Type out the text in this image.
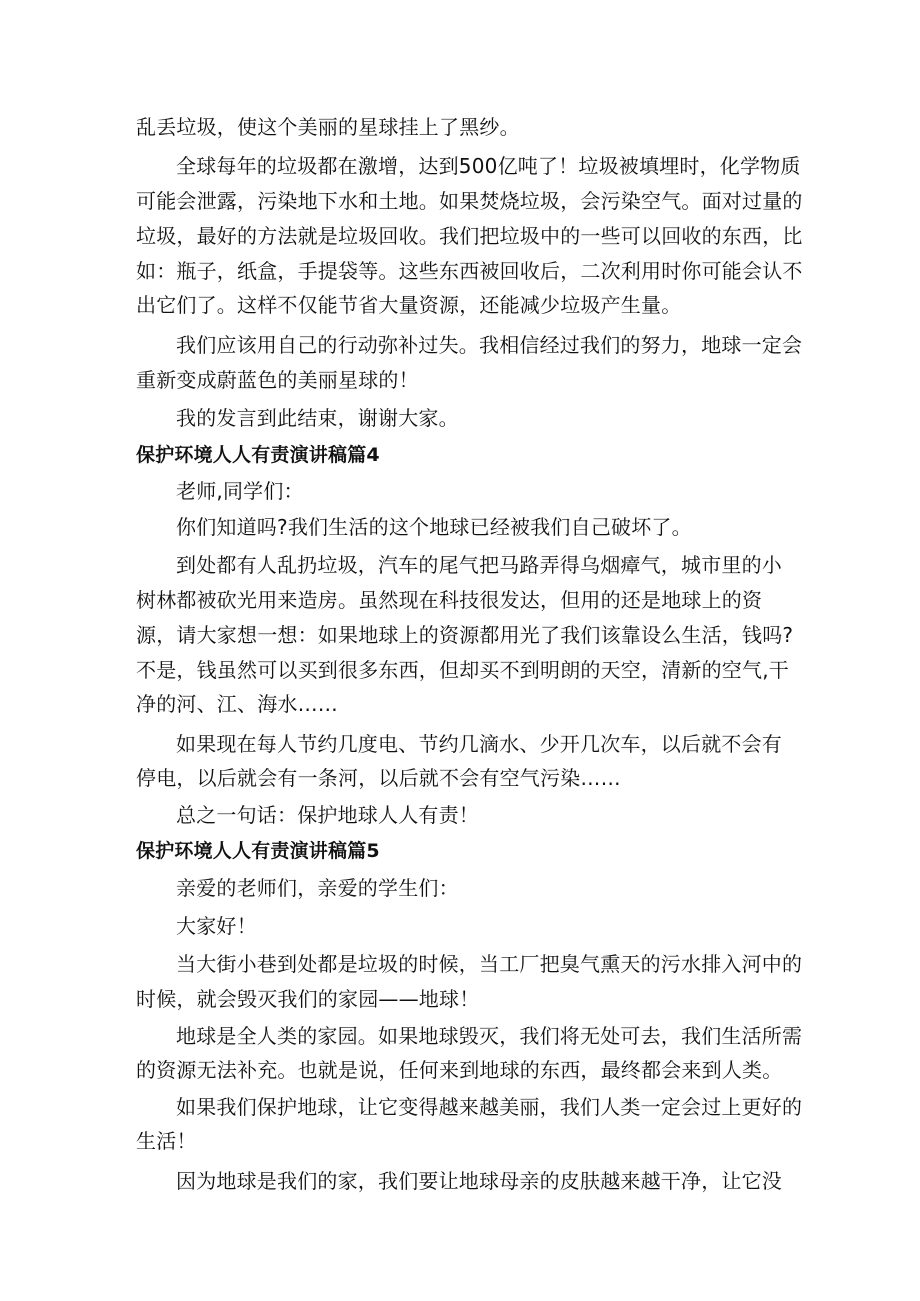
乱丢垃圾，使这个美丽的星球挂上了黑纱。
全球每年的垃圾都在激增，达到500亿吨了！垃圾被填埋时，化学物质
可能会泄露，污染地下水和土地。如果焚烧垃圾，会污染空气。面对过量的
垃圾，最好的方法就是垃圾回收。我们把垃圾中的一些可以回收的东西，比
如：瓶子，纸盒，手提袋等。这些东西被回收后，二次利用时你可能会认不
出它们了。这样不仅能节省大量资源，还能减少垃圾产生量。
我们应该用自己的行动弥补过失。我相信经过我们的努力，地球一定会
重新变成蔚蓝色的美丽星球的！
我的发言到此结束，谢谢大家。
保护环境人人有责演讲稿篇4
老师,同学们：
你们知道吗?我们生活的这个地球已经被我们自己破坏了。
到处都有人乱扔垃圾，汽车的尾气把马路弄得乌烟瘴气，城市里的小
树林都被砍光用来造房。虽然现在科技很发达，但用的还是地球上的资
源，请大家想一想：如果地球上的资源都用光了我们该靠设么生活，钱吗?
不是，钱虽然可以买到很多东西，但却买不到明朗的天空，清新的空气,干
净的河、江、海水……
如果现在每人节约几度电、节约几滴水、少开几次车，以后就不会有
停电，以后就会有一条河，以后就不会有空气污染……
总之一句话：保护地球人人有责！
保护环境人人有责演讲稿篇5
亲爱的老师们，亲爱的学生们：
大家好！
当大街小巷到处都是垃圾的时候，当工厂把臭气熏天的污水排入河中的
时候，就会毁灭我们的家园——地球！
地球是全人类的家园。如果地球毁灭，我们将无处可去，我们生活所需
的资源无法补充。也就是说，任何来到地球的东西，最终都会来到人类。
如果我们保护地球，让它变得越来越美丽，我们人类一定会过上更好的
生活！
因为地球是我们的家，我们要让地球母亲的皮肤越来越干净，让它没
